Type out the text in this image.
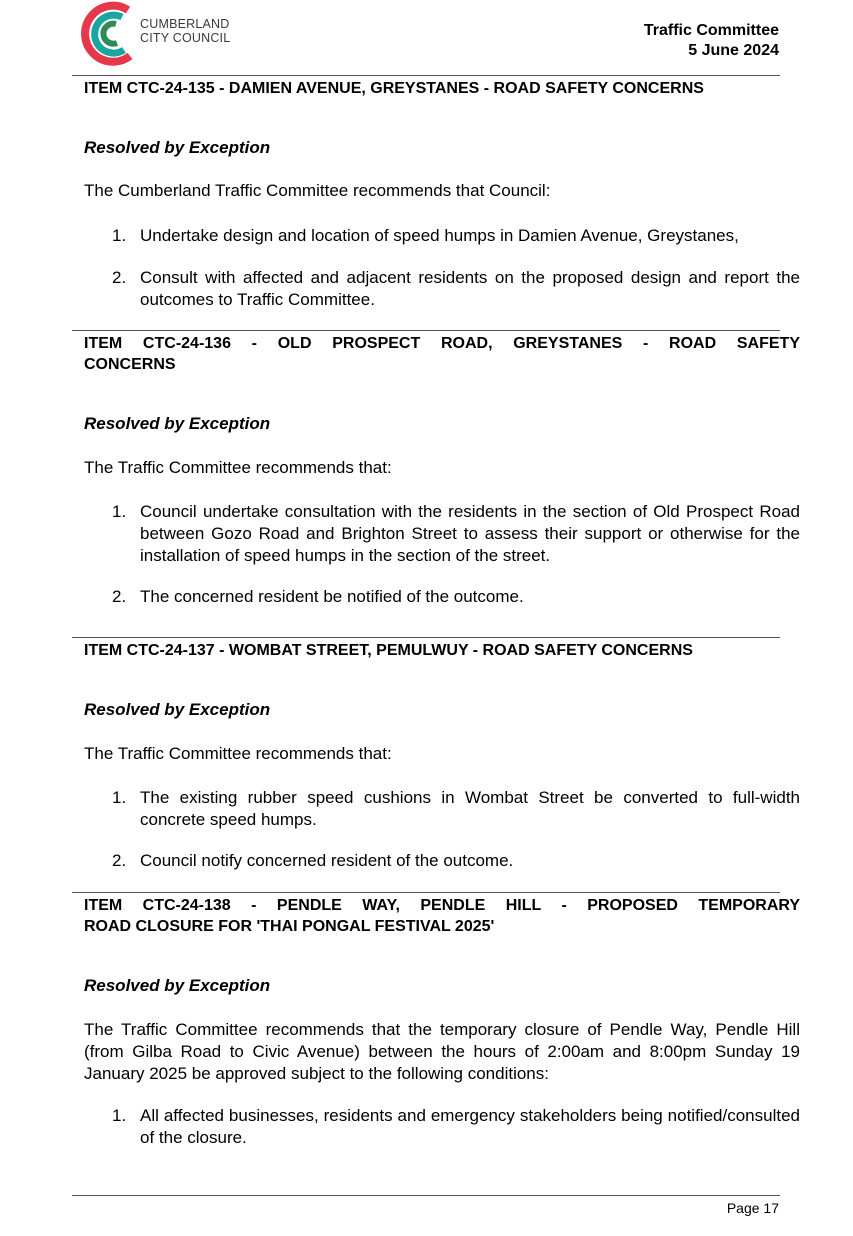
CUMBERLAND
CITY COUNCIL	Traffic Committee
5 June 2024
ITEM CTC-24-135 - DAMIEN AVENUE, GREYSTANES - ROAD SAFETY CONCERNS
Resolved by Exception
The Cumberland Traffic Committee recommends that Council:
1. Undertake design and location of speed humps in Damien Avenue, Greystanes,
2. Consult with affected and adjacent residents on the proposed design and report the outcomes to Traffic Committee.
ITEM CTC-24-136 - OLD PROSPECT ROAD, GREYSTANES - ROAD SAFETY
CONCERNS
Resolved by Exception
The Traffic Committee recommends that:
1. Council undertake consultation with the residents in the section of Old Prospect Road between Gozo Road and Brighton Street to assess their support or otherwise for the installation of speed humps in the section of the street.
2. The concerned resident be notified of the outcome.
ITEM CTC-24-137 - WOMBAT STREET, PEMULWUY - ROAD SAFETY CONCERNS
Resolved by Exception
The Traffic Committee recommends that:
1. The existing rubber speed cushions in Wombat Street be converted to full-width concrete speed humps.
2. Council notify concerned resident of the outcome.
ITEM CTC-24-138 - PENDLE WAY, PENDLE HILL - PROPOSED TEMPORARY
ROAD CLOSURE FOR 'THAI PONGAL FESTIVAL 2025'
Resolved by Exception
The Traffic Committee recommends that the temporary closure of Pendle Way, Pendle Hill (from Gilba Road to Civic Avenue) between the hours of 2:00am and 8:00pm Sunday 19 January 2025 be approved subject to the following conditions:
1. All affected businesses, residents and emergency stakeholders being notified/consulted of the closure.
Page 17
